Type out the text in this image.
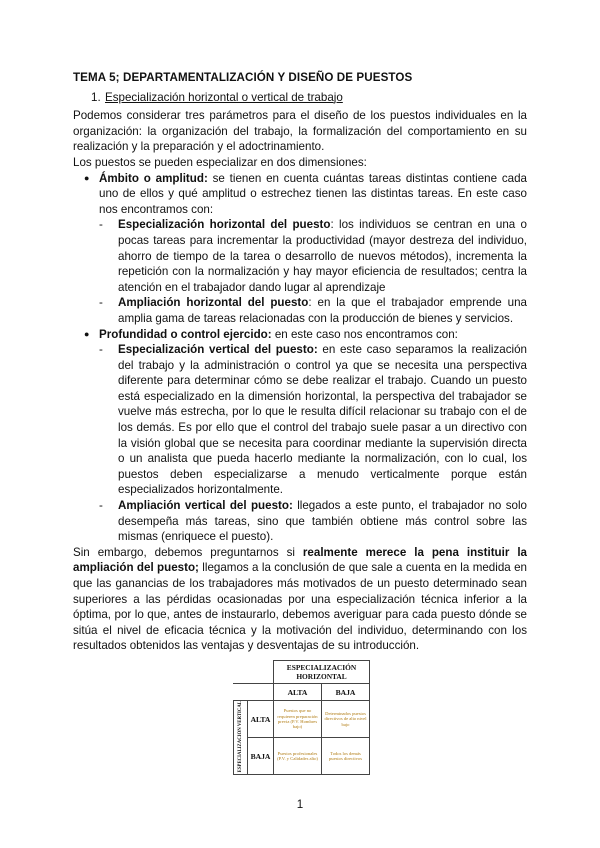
TEMA 5; DEPARTAMENTALIZACIÓN Y DISEÑO DE PUESTOS
1. Especialización horizontal o vertical de trabajo

Podemos considerar tres parámetros para el diseño de los puestos individuales en la organización: la organización del trabajo, la formalización del comportamiento en su realización y la preparación y el adoctrinamiento.

Los puestos se pueden especializar en dos dimensiones:

● Ámbito o amplitud: se tienen en cuenta cuántas tareas distintas contiene cada uno de ellos y qué amplitud o estrechez tienen las distintas tareas. En este caso nos encontramos con:
- Especialización horizontal del puesto: los individuos se centran en una o pocas tareas para incrementar la productividad (mayor destreza del individuo, ahorro de tiempo de la tarea o desarrollo de nuevos métodos), incrementa la repetición con la normalización y hay mayor eficiencia de resultados; centra la atención en el trabajador dando lugar al aprendizaje
- Ampliación horizontal del puesto: en la que el trabajador emprende una amplia gama de tareas relacionadas con la producción de bienes y servicios.
● Profundidad o control ejercido: en este caso nos encontramos con:
- Especialización vertical del puesto: en este caso separamos la realización del trabajo y la administración o control ya que se necesita una perspectiva diferente para determinar cómo se debe realizar el trabajo. Cuando un puesto está especializado en la dimensión horizontal, la perspectiva del trabajador se vuelve más estrecha, por lo que le resulta difícil relacionar su trabajo con el de los demás. Es por ello que el control del trabajo suele pasar a un directivo con la visión global que se necesita para coordinar mediante la supervisión directa o un analista que pueda hacerlo mediante la normalización, con lo cual, los puestos deben especializarse a menudo verticalmente porque están especializados horizontalmente.
- Ampliación vertical del puesto: llegados a este punto, el trabajador no solo desempeña más tareas, sino que también obtiene más control sobre las mismas (enriquece el puesto).

Sin embargo, debemos preguntarnos si realmente merece la pena instituir la ampliación del puesto; llegamos a la conclusión de que sale a cuenta en la medida en que las ganancias de los trabajadores más motivados de un puesto determinado sean superiores a las pérdidas ocasionadas por una especialización técnica inferior a la óptima, por lo que, antes de instaurarlo, debemos averiguar para cada puesto dónde se sitúa el nivel de eficacia técnica y la motivación del individuo, determinando con los resultados obtenidos las ventajas y desventajas de su introducción.

		ESPECIALIZACIÓN HORIZONTAL	
		ALTA	BAJA
ESPECIALIZACIÓN VERTICAL	ALTA	Puestos que no requieren preparación previa (P.V. Hombres bajo)	Determinados puestos directivos de alto nivel bajo
	BAJA	Puestos profesionales (P.V. y Calidades alto)	Todos los demás puestos directivos
1
